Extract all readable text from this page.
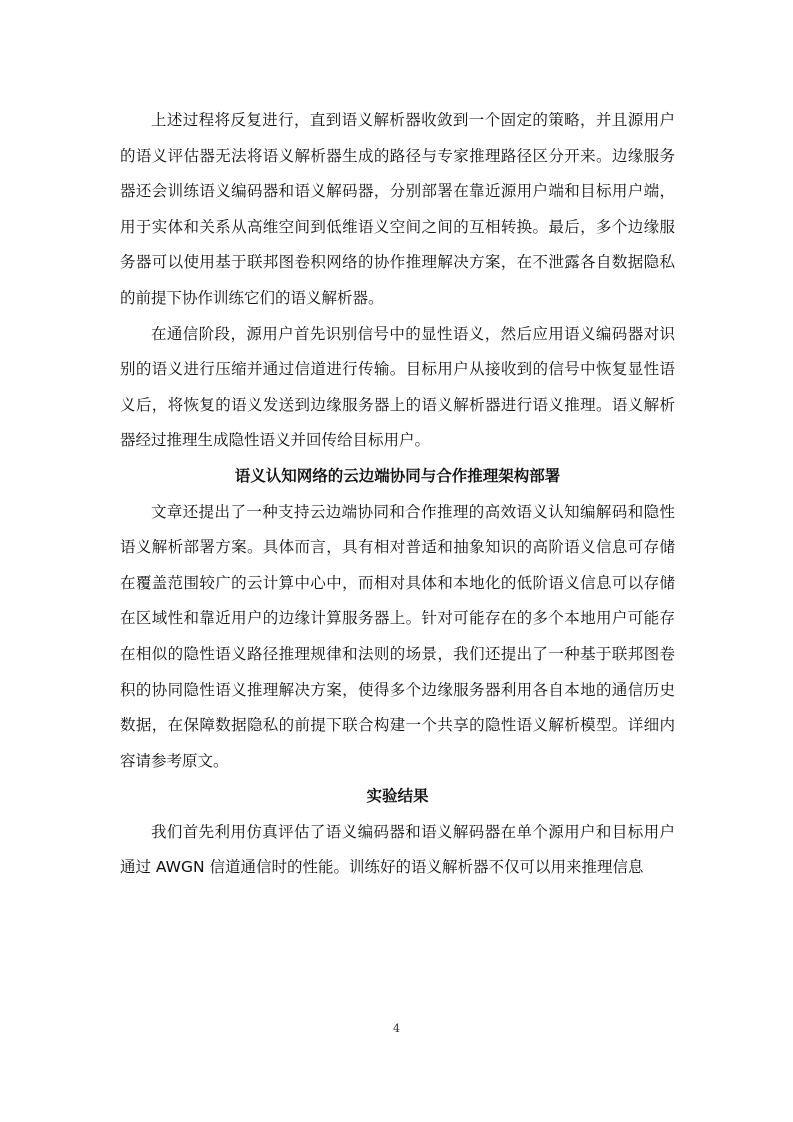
上述过程将反复进行，直到语义解析器收敛到一个固定的策略，并且源用户的语义评估器无法将语义解析器生成的路径与专家推理路径区分开来。边缘服务器还会训练语义编码器和语义解码器，分别部署在靠近源用户端和目标用户端，用于实体和关系从高维空间到低维语义空间之间的互相转换。最后，多个边缘服务器可以使用基于联邦图卷积网络的协作推理解决方案，在不泄露各自数据隐私的前提下协作训练它们的语义解析器。

在通信阶段，源用户首先识别信号中的显性语义，然后应用语义编码器对识别的语义进行压缩并通过信道进行传输。目标用户从接收到的信号中恢复显性语义后，将恢复的语义发送到边缘服务器上的语义解析器进行语义推理。语义解析器经过推理生成隐性语义并回传给目标用户。

语义认知网络的云边端协同与合作推理架构部署

文章还提出了一种支持云边端协同和合作推理的高效语义认知编解码和隐性语义解析部署方案。具体而言，具有相对普适和抽象知识的高阶语义信息可存储在覆盖范围较广的云计算中心中，而相对具体和本地化的低阶语义信息可以存储在区域性和靠近用户的边缘计算服务器上。针对可能存在的多个本地用户可能存在相似的隐性语义路径推理规律和法则的场景，我们还提出了一种基于联邦图卷积的协同隐性语义推理解决方案，使得多个边缘服务器利用各自本地的通信历史数据，在保障数据隐私的前提下联合构建一个共享的隐性语义解析模型。详细内容请参考原文。

实验结果

我们首先利用仿真评估了语义编码器和语义解码器在单个源用户和目标用户通过 AWGN 信道通信时的性能。训练好的语义解析器不仅可以用来推理信息

4
